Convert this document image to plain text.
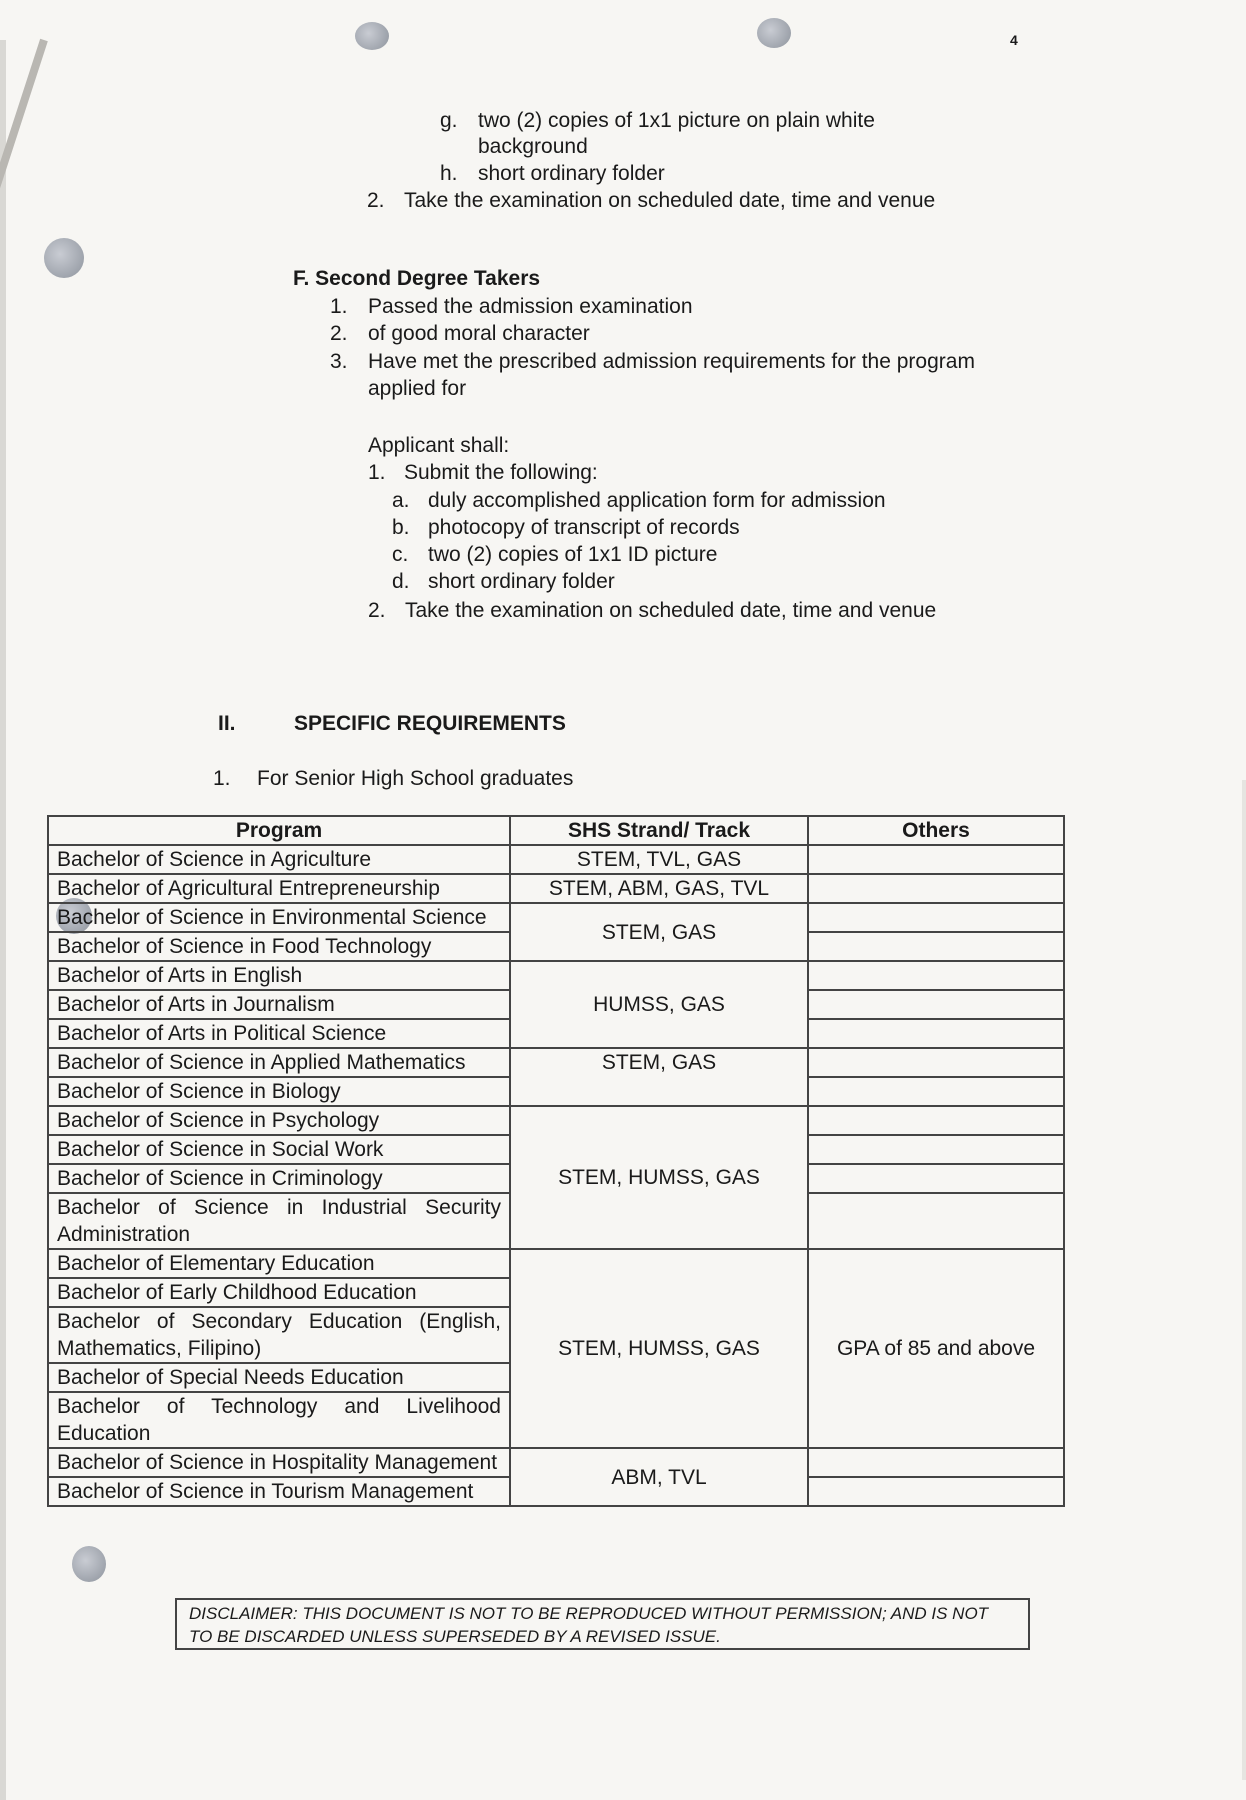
4
g. two (2) copies of 1x1 picture on plain white
background
h. short ordinary folder
2. Take the examination on scheduled date, time and venue
F. Second Degree Takers
1. Passed the admission examination
2. of good moral character
3. Have met the prescribed admission requirements for the program
applied for
Applicant shall:
1. Submit the following:
a. duly accomplished application form for admission
b. photocopy of transcript of records
c. two (2) copies of 1x1 ID picture
d. short ordinary folder
2. Take the examination on scheduled date, time and venue
II.	SPECIFIC REQUIREMENTS
1. For Senior High School graduates
Program	SHS Strand/ Track	Others
Bachelor of Science in Agriculture	STEM, TVL, GAS	
Bachelor of Agricultural Entrepreneurship	STEM, ABM, GAS, TVL	
Bachelor of Science in Environmental Science	STEM, GAS	
Bachelor of Science in Food Technology		
Bachelor of Arts in English	HUMSS, GAS	
Bachelor of Arts in Journalism		
Bachelor of Arts in Political Science		
Bachelor of Science in Applied Mathematics	STEM, GAS	
Bachelor of Science in Biology		
Bachelor of Science in Psychology	STEM, HUMSS, GAS	
Bachelor of Science in Social Work		
Bachelor of Science in Criminology		
Bachelor of Science in Industrial Security Administration		
Bachelor of Elementary Education	STEM, HUMSS, GAS	GPA of 85 and above
Bachelor of Early Childhood Education		
Bachelor of Secondary Education (English, Mathematics, Filipino)		
Bachelor of Special Needs Education		
Bachelor of Technology and Livelihood Education		
Bachelor of Science in Hospitality Management	ABM, TVL	
Bachelor of Science in Tourism Management		
DISCLAIMER: THIS DOCUMENT IS NOT TO BE REPRODUCED WITHOUT PERMISSION; AND IS NOT TO BE DISCARDED UNLESS SUPERSEDED BY A REVISED ISSUE.
